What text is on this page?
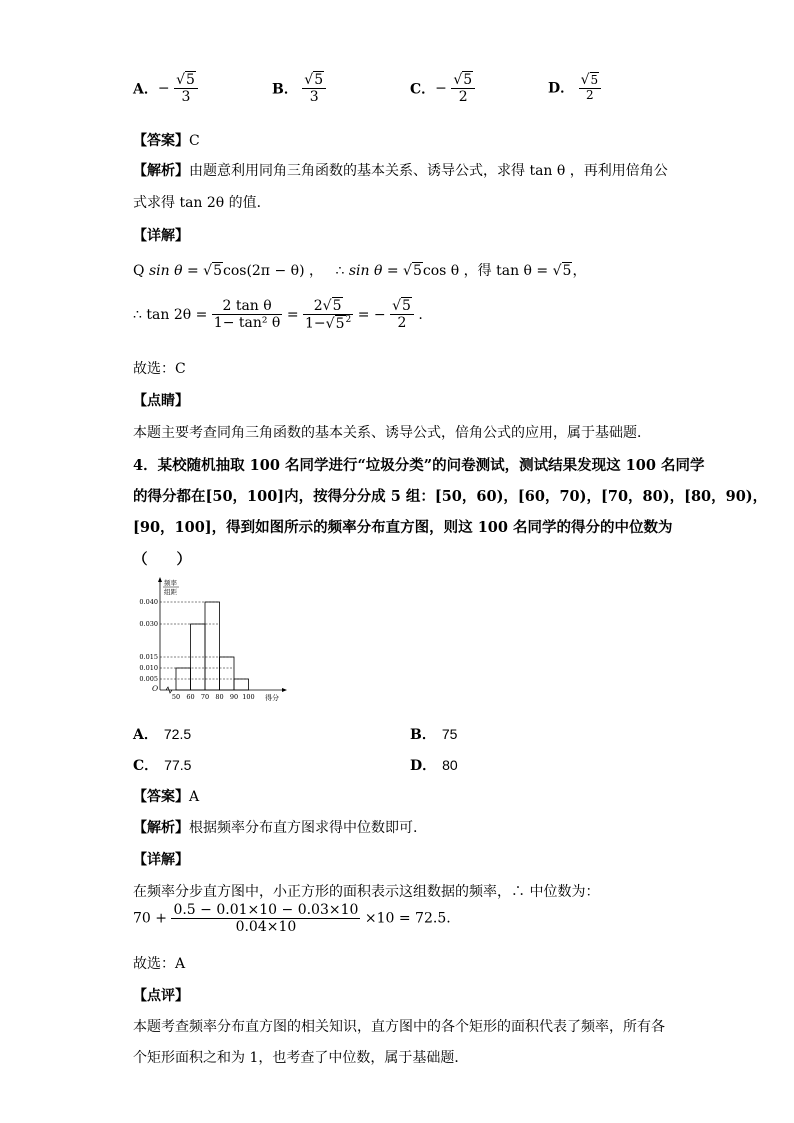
A．− $\frac{√5}{3}$	B． $\frac{√5}{3}$	C．− $\frac{√5}{2}$	D． $\frac{√5}{2}$
【答案】C
【解析】由题意利用同角三角函数的基本关系、诱导公式，求得 tan θ ，再利用倍角公
式求得 tan 2θ 的值．
【详解】
Q sin θ = √5cos(2π − θ) ， ∴ sin θ = √5cos θ ，得 tan θ = √5，
∴ $\tan 2\theta = \frac{\text{2 tan θ}}{\text{1− tan² θ}} = \frac{2√5}{1-√5^2}$ = − $\frac{√5}{2}$ .
故选：C
【点睛】
本题主要考查同角三角函数的基本关系、诱导公式，倍角公式的应用，属于基础题．
4．某校随机抽取 100 名同学进行“垃圾分类”的问卷测试，测试结果发现这 100 名同学
的得分都在[50，100]内，按得分分成 5 组：[50，60)，[60，70)，[70，80)，[80，90)，
[90，100]，得到如图所示的频率分布直方图，则这 100 名同学的得分的中位数为
（　　）
频率
组距
O
0.040
0.030
0.015
0.010
0.005
50 60 70 80 90 100 得分
A． 72.5	B． 75
C． 77.5	D． 80
【答案】A
【解析】根据频率分布直方图求得中位数即可.
【详解】
在频率分步直方图中，小正方形的面积表示这组数据的频率，∴ 中位数为：
$70 + \frac{0.5 - 0.01\times 10 - 0.03\times 10}{0.04\times 10} \times 10 = 72.5$.
故选：A
【点评】
本题考查频率分布直方图的相关知识，直方图中的各个矩形的面积代表了频率，所有各
个矩形面积之和为 1，也考查了中位数，属于基础题．
